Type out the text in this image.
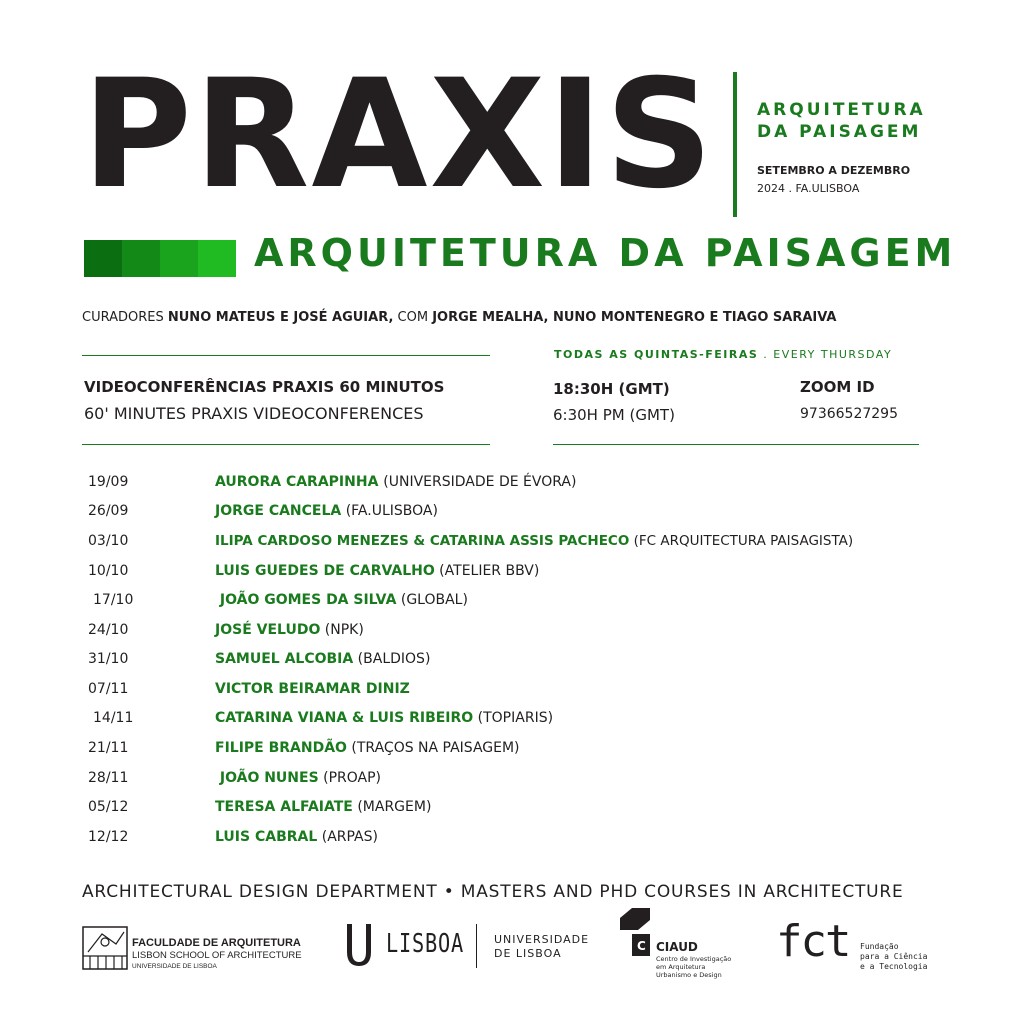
PRAXIS ARQUITETURA
DA PAISAGEM
SETEMBRO A DEZEMBRO
2024 . FA.ULISBOA
ARQUITETURA DA PAISAGEM
CURADORES NUNO MATEUS E JOSÉ AGUIAR, COM JORGE MEALHA, NUNO MONTENEGRO E TIAGO SARAIVA
TODAS AS QUINTAS-FEIRAS . EVERY THURSDAY
VIDEOCONFERÊNCIAS PRAXIS 60 MINUTOS
60' MINUTES PRAXIS VIDEOCONFERENCES
18:30H (GMT)
6:30H PM (GMT)
ZOOM ID
97366527295
19/09	AURORA CARAPINHA (UNIVERSIDADE DE ÉVORA)
26/09	JORGE CANCELA (FA.ULISBOA)
03/10	ILIPA CARDOSO MENEZES & CATARINA ASSIS PACHECO (FC ARQUITECTURA PAISAGISTA)
10/10	LUIS GUEDES DE CARVALHO (ATELIER BBV)
17/10	JOÃO GOMES DA SILVA (GLOBAL)
24/10	JOSÉ VELUDO (NPK)
31/10	SAMUEL ALCOBIA (BALDIOS)
07/11	VICTOR BEIRAMAR DINIZ
14/11	CATARINA VIANA & LUIS RIBEIRO (TOPIARIS)
21/11	FILIPE BRANDÃO (TRAÇOS NA PAISAGEM)
28/11	JOÃO NUNES (PROAP)
05/12	TERESA ALFAIATE (MARGEM)
12/12	LUIS CABRAL (ARPAS)
ARCHITECTURAL DESIGN DEPARTMENT • MASTERS AND PHD COURSES IN ARCHITECTURE
FACULDADE DE ARQUITETURA
LISBON SCHOOL OF ARCHITECTURE
UNIVERSIDADE DE LISBOA
LISBOA	UNIVERSIDADE
DE LISBOA
C CIAUD
Centro de Investigação
em Arquitetura
Urbanismo e Design
fct Fundação
para a Ciência
e a Tecnologia
